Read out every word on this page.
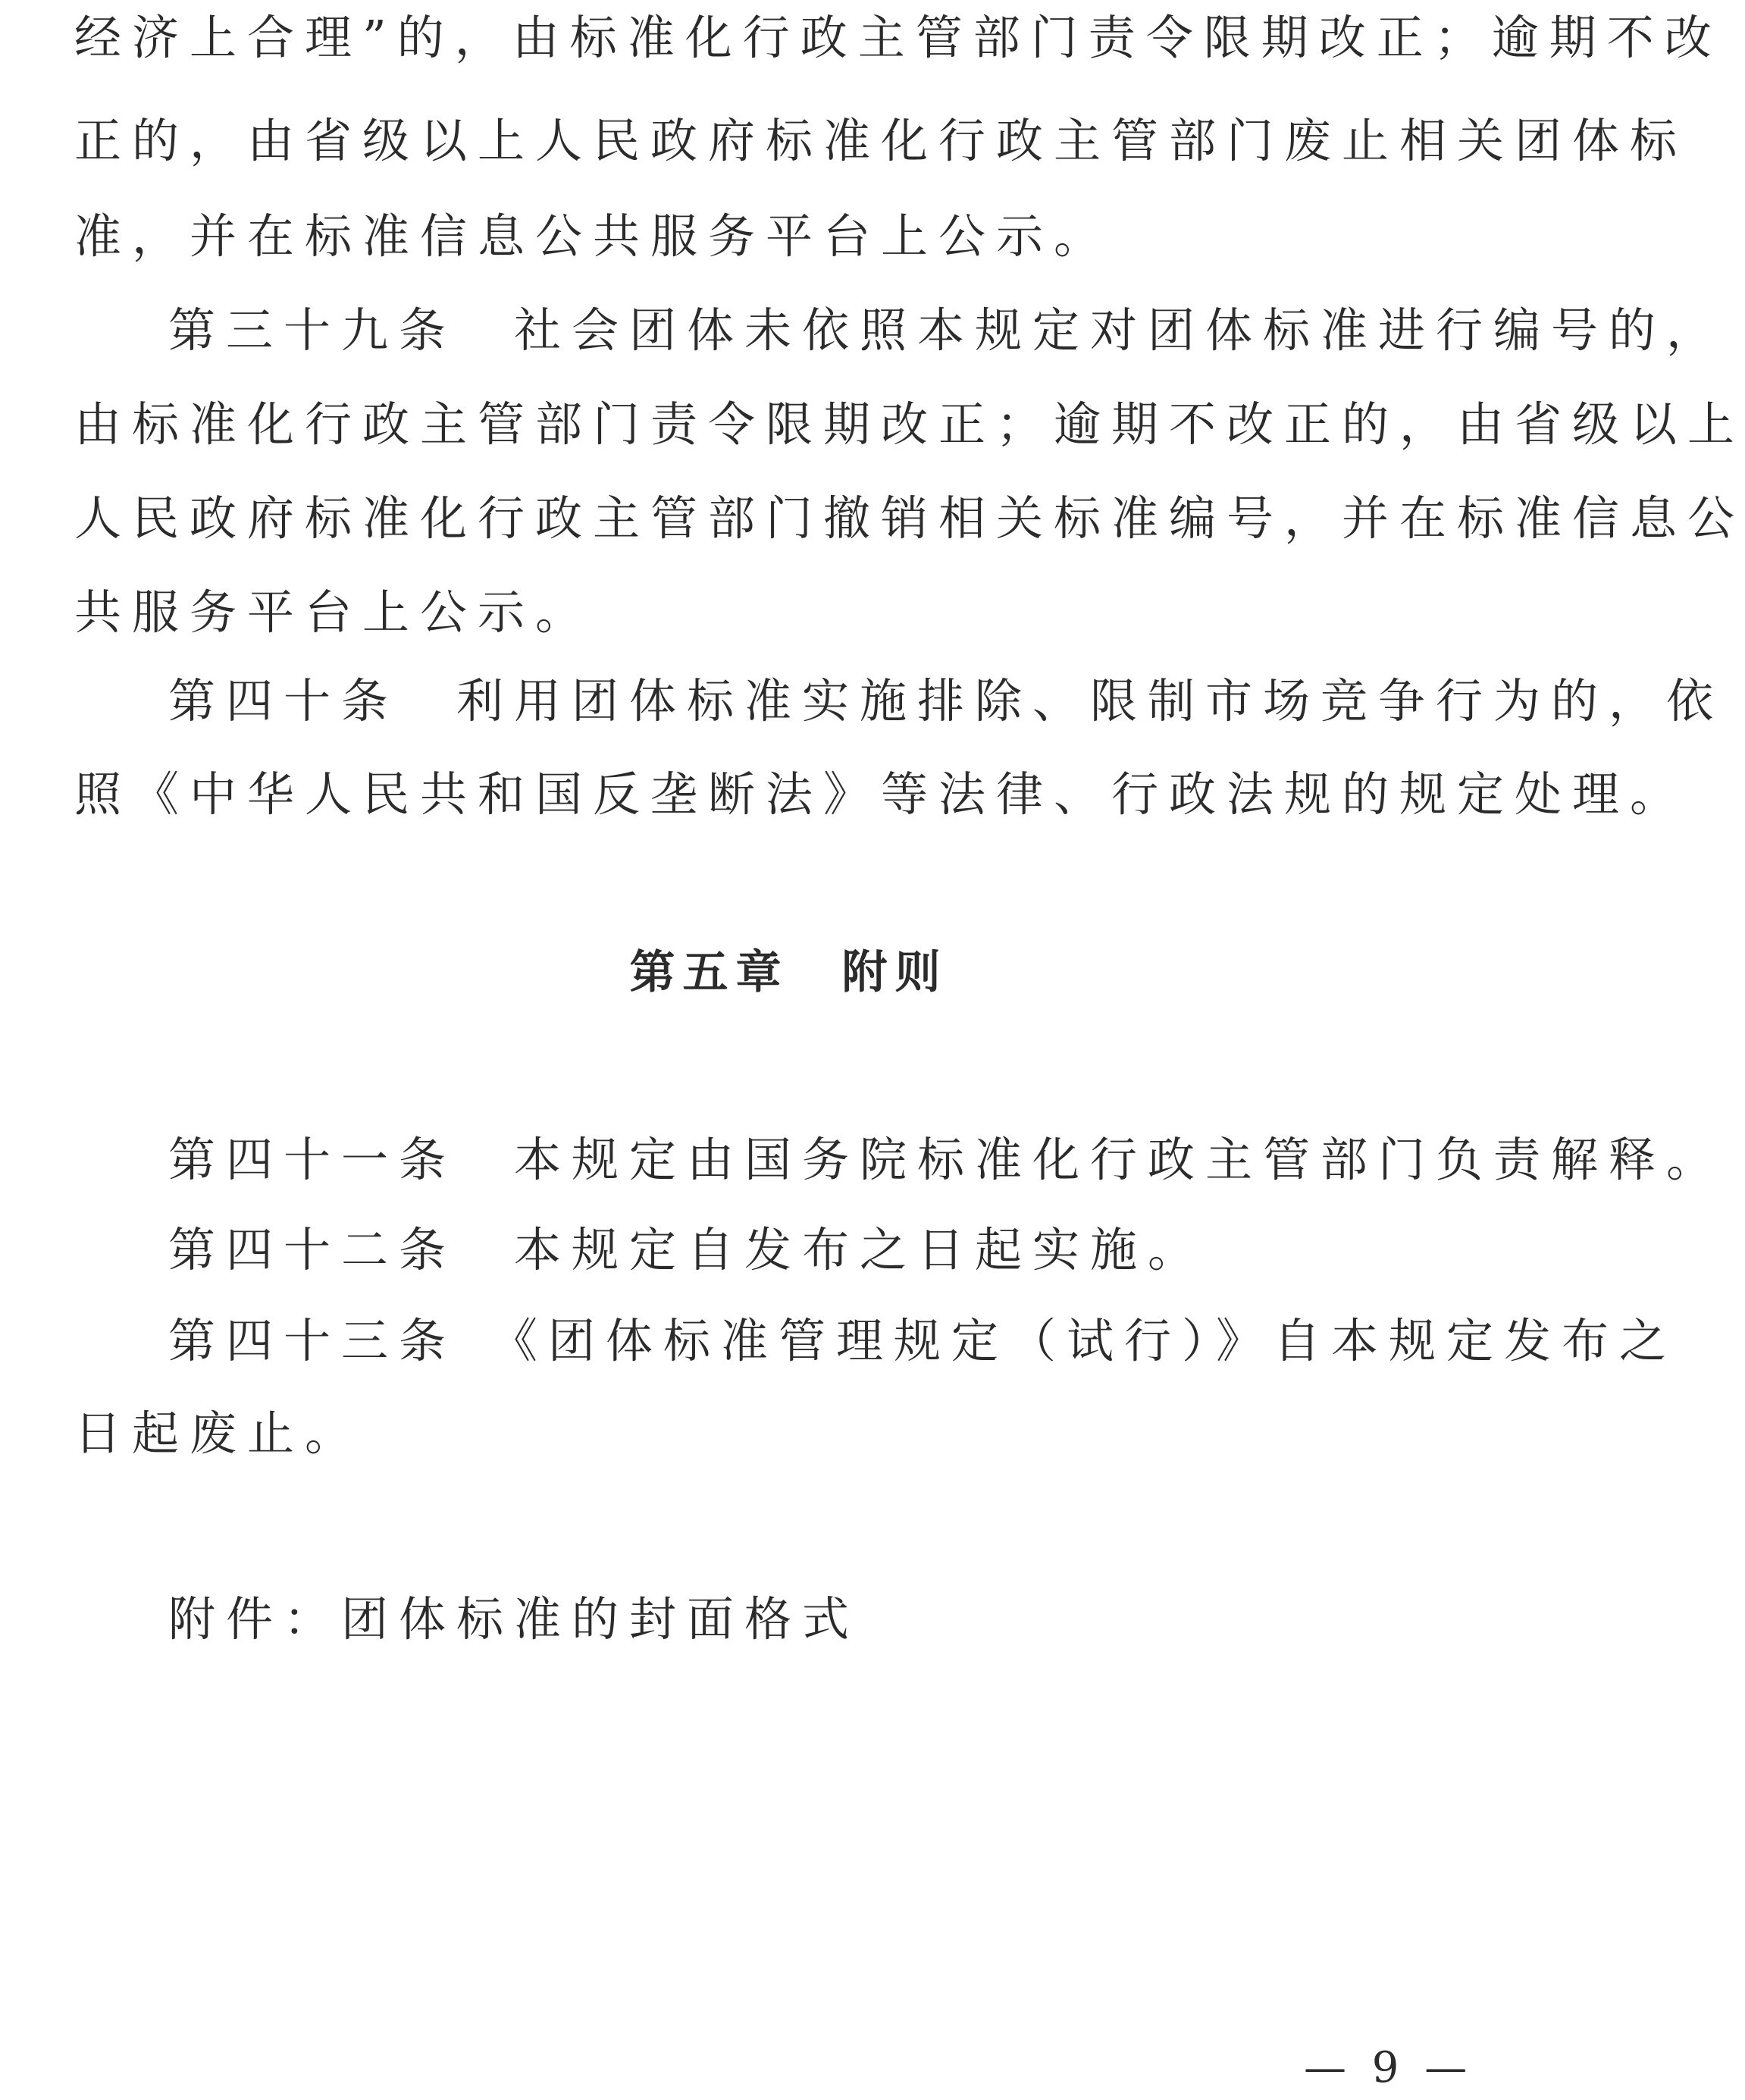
经济上合理”的，由标准化行政主管部门责令限期改正；逾期不改
正的，由省级以上人民政府标准化行政主管部门废止相关团体标
准，并在标准信息公共服务平台上公示。
第三十九条　社会团体未依照本规定对团体标准进行编号的，
由标准化行政主管部门责令限期改正；逾期不改正的，由省级以上
人民政府标准化行政主管部门撤销相关标准编号，并在标准信息公
共服务平台上公示。
第四十条　利用团体标准实施排除、限制市场竞争行为的，依
照《中华人民共和国反垄断法》等法律、行政法规的规定处理。
第五章 附则
第四十一条　本规定由国务院标准化行政主管部门负责解释。
第四十二条　本规定自发布之日起实施。
第四十三条　《团体标准管理规定（试行）》自本规定发布之
日起废止。
附件：团体标准的封面格式
— 9 —
